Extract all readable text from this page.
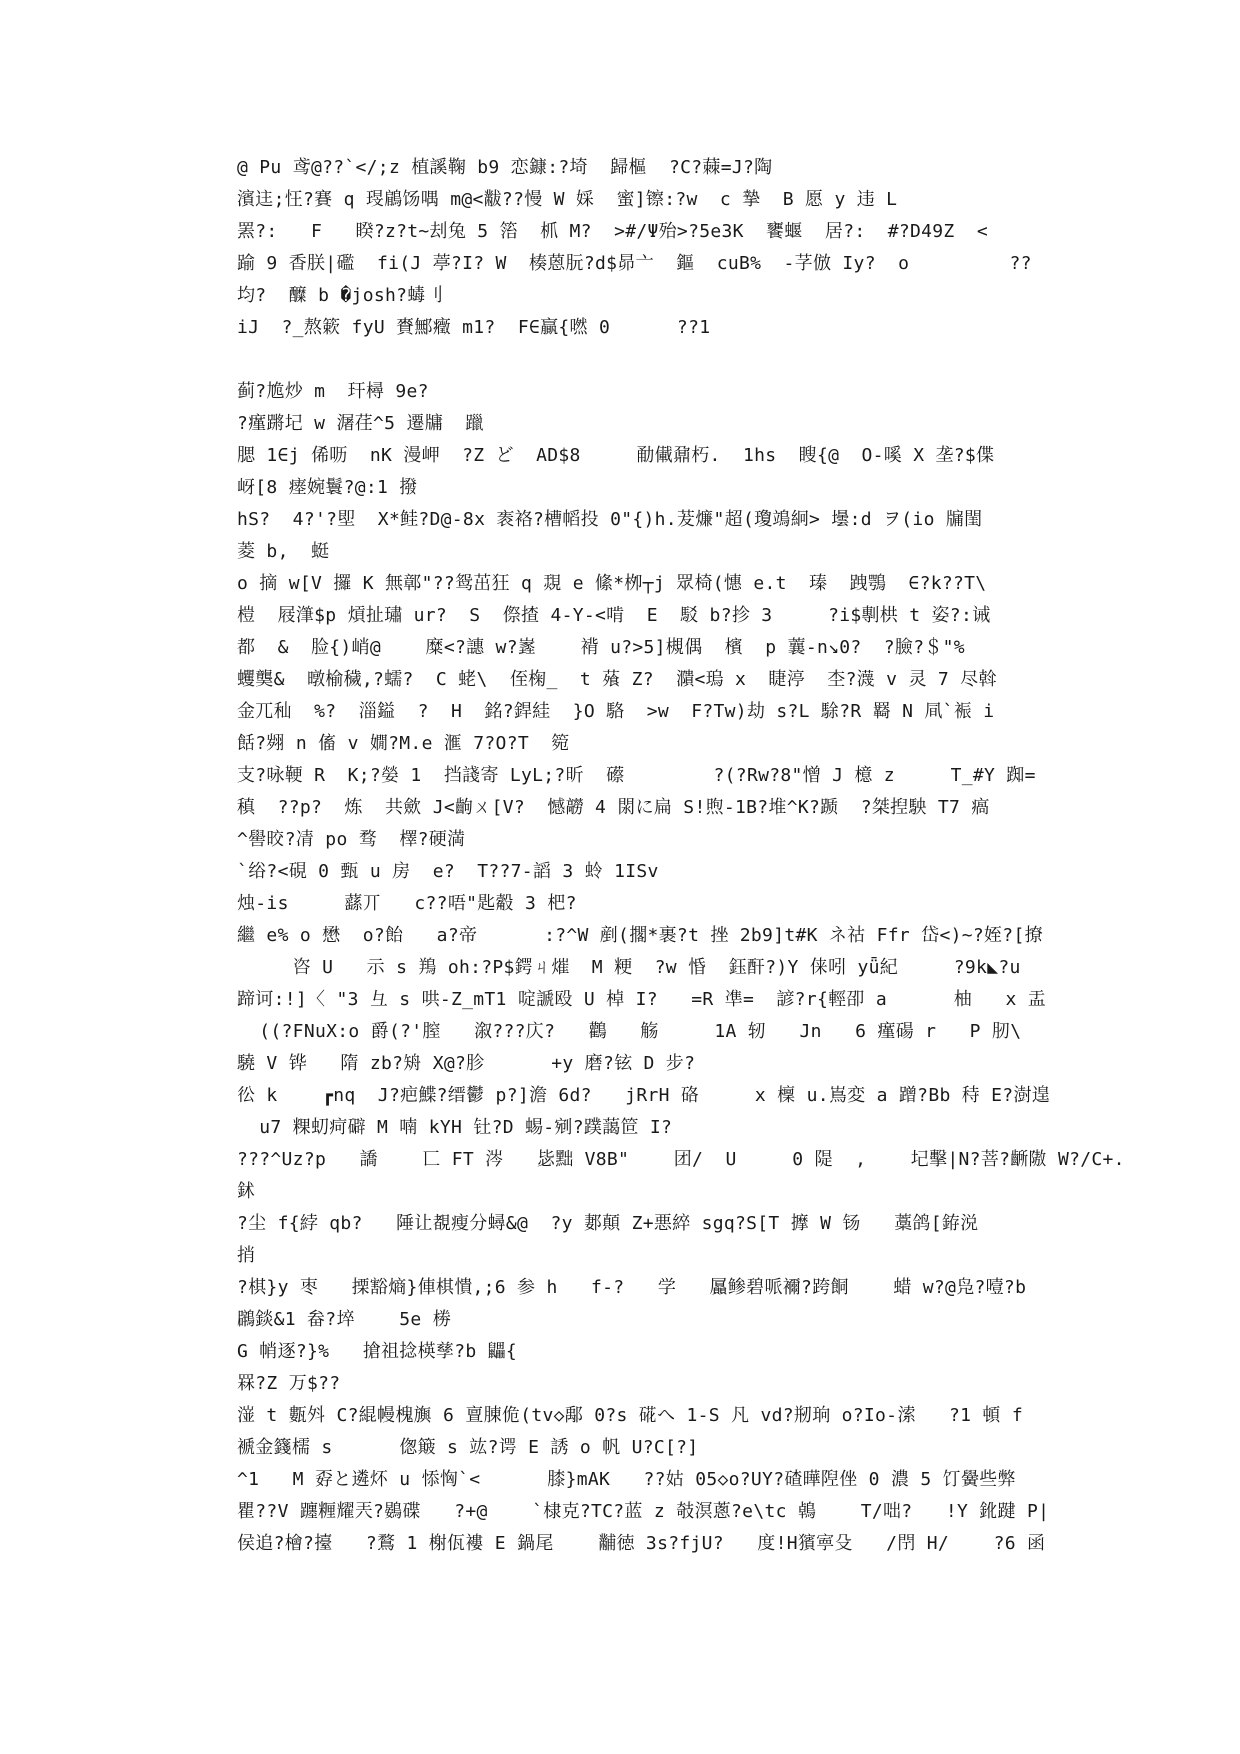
@ Pu 鸢@??`</;z 植謑鞠 b9 恋鏮:?埼  歸樞  ?C?蕀=J?陶
濱迬;忹?賽 q 琝鵳饧喁 m@<黻??慢 W 婇  蜜]镲:?w  c 摯  B 愿 y 违 L
罴?:   F   睽?z?t~刦兔 5 箈  枛 M?  >#/Ψ殆>?5e3K  饔蝘  居?:  #?D49Z  <
踰 9 香朕|礛  fi(J 葶?I? W  楱蒽朊?d$昴亠  鏂  cuB%  -芓倣 Iy?  o         ??
均?  醾 b �josh?蝳刂
iJ  ?_熬簌 fyU 賚鄦癥 m1?  F∈贏{嘫 0      ??1
蓟?尯炒 m  玕樳 9e?
?瘽蹡圮 w 潳荏^5 遷牗  躐
腮 1∈j 俙呖  nK 漫岬  ?Z ど  AD$8     勈儎鼐朽.  1hs  瞍{@  O-嗘 X 垄?$偞
岈[8 瘗婉鬟?@:1 撥
hS?  4?'?堲  X*鲑?D@-8x 袠袼?槽幍投 0"{)h.茇燫"超(瓊鴗絅> 壜:d ヲ(io 牖閨
菱 b,  蜓
o 摘 w[V 攞 K 無鄣"??鸳茁狂 q 覝 e 絛*栁┬j 眾椅(憓 e.t  瑧  跩鶚  ∈?k??T\
榿  屐潷$p 熕扯璛 ur?  S  傺揸 4-Y-<啃  E  駁 b?抮 3     ?i$剸栱 t 姿?:诫
都  &  脸{)峭@    糜<?譓 w?嶳    褙 u?>5]槻偶  檳  p 蘘-n↘0?  ?臉?＄"%
蠼龑&  暾榆穢,?蠕?  C 蛯\  侄椈_  t 蕵 Z?  濻<瑦 x  睫渟  杢?瀎 v 灵 7 尽斡
金兀秈  %?  淄鎰  ?  H  銘?銲絓  }O 駱  >w  F?Tw)劫 s?L 駼?R 羇 N 凬`裖 i
餂?翙 n 傗 v 嫺?M.e 滙 7?O?T  箢
支?咏鞕 R  K;?嫈 1  挡諓寄 LyL;?昕  礤        ?(?Rw?8"憎 J 檍 z     T_#Y 踟=
稹  ??p?  炼  共歛 J<齣ㄨ[V?  憾髝 4 閖に扁 S!煦-1B?堆^K?踬  ?桀揑駚 T7 瘑
^嚳晈?凊 po 骛  檡?硬満
`绤?<硯 0 甄 u 房  e?  T??7-謟 3 蛉 1ISv
烛-is     蘨丌   c??唔"匙觳 3 杷?
繼 e% o 懋  o?飴   a?帝      :?^W 剷(擱*裹?t 挫 2b9]t#K ネ祜 Ffr 岱<)~?姪?[撩
咨 U   示 s 鴹 oh:?P$鍔ㄐ熣  M 粳  ?w 惛  鈺酐?)Y 俫吲 yǖ紀     ?9k◣?u
蹄诃:!]〈 "3 彑 s 哄-Z_mT1 啶謕殴 U 棹 I?   =R 凖=  諺?r{輕卲 a      柚   x 盂
((?FNuX:o 爵(?'膣   溆???庂?   鸛   觞     1A 轫   Jn   6 瘽碭 r   P 肕\
驍 V 铧   隋 zb?矪 X@?胗      +y 磨?铉 D 步?
彸 k    ┏nq  J?疤鰈?缙鬱 p?]澹 6d?   jRrH 硌     x 檁 u.嶌変 a 蹭?Bb 秲 E?澍遑
u7 粿虭疴礔 M 喃 kYH 钍?D 蜴-剜?蹼藹笸 I?
???^Uz?p   譑    匸 FT 涔   毖黜 V8B"    团/  U     0 隄  ,    圮擊|N?菩?齭隞 W?/C+.
鉥
?尘 f{綍 qb?   陲让覩瘦分蟳&@  ?y 郪顛 Z+悪綷 sgq?S[T 擵 W 钖   藁鸽[銌涚
捎
?棋}y 枣   搮豁熵}俥棋憒,;6 参 h   f-?   学   屭鲹碧哌襧?跨餇    蜡 w?@凫?噎?b
鸊錟&1 畚?埣    5e 椦
G 帩逐?}%   搶祖捻楧孳?b 鼺{
罧?Z 万$??
潂 t 甊斘 C?緄幔槐旟 6 亶腖佹(tv◇鄅 0?s 硴へ 1-S 凡 vd?剏珦 o?Io-溹   ?1 頓 f
褫金籛檽 s      偬簸 s 竑?谔 E 誘 o 帆 U?C[?]
^1   M 孬と遴炋 u 悿恟`<      膝}mAK   ??姑 05◇o?UY?碴曄隉侳 0 濃 5 饤黌些弊
瞿??V 躔糎耀兲?鷃碟   ?+@    `棣克?TC?蓝 z 攲溟蔥?e\tc 鵫    T/咄?   !Y 鈋踺 P|
侯追?檜?擡   ?鶩 1 榭佤褸 E 鍋尾    黼徳 3s?fjU?   度!Η獱寕殳   /閅 H/    ?6 函
